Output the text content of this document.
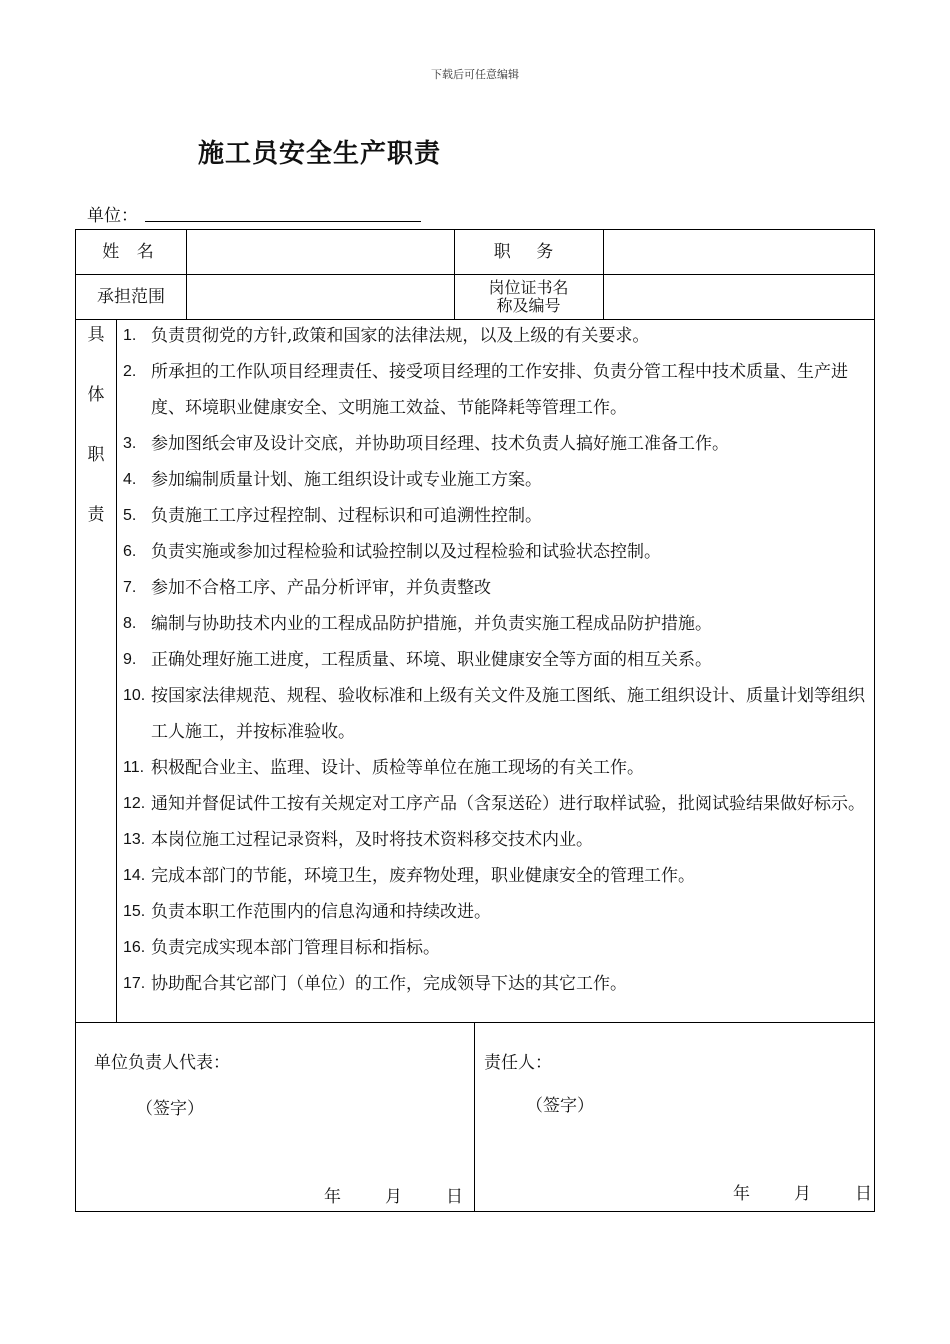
下载后可任意编辑
施工员安全生产职责
单位：
姓 名	职 务
承担范围	岗位证书名
称及编号
具
体
职
责
1. 负责贯彻党的方针,政策和国家的法律法规，以及上级的有关要求。
2. 所承担的工作队项目经理责任、接受项目经理的工作安排、负责分管工程中技术质量、生产进度、环境职业健康安全、文明施工效益、节能降耗等管理工作。
3. 参加图纸会审及设计交底，并协助项目经理、技术负责人搞好施工准备工作。
4. 参加编制质量计划、施工组织设计或专业施工方案。
5. 负责施工工序过程控制、过程标识和可追溯性控制。
6. 负责实施或参加过程检验和试验控制以及过程检验和试验状态控制。
7. 参加不合格工序、产品分析评审，并负责整改
8. 编制与协助技术内业的工程成品防护措施，并负责实施工程成品防护措施。
9. 正确处理好施工进度，工程质量、环境、职业健康安全等方面的相互关系。
10. 按国家法律规范、规程、验收标准和上级有关文件及施工图纸、施工组织设计、质量计划等组织工人施工，并按标准验收。
11. 积极配合业主、监理、设计、质检等单位在施工现场的有关工作。
12. 通知并督促试件工按有关规定对工序产品（含泵送砼）进行取样试验，批阅试验结果做好标示。
13. 本岗位施工过程记录资料，及时将技术资料移交技术内业。
14. 完成本部门的节能，环境卫生，废弃物处理，职业健康安全的管理工作。
15. 负责本职工作范围内的信息沟通和持续改进。
16. 负责完成实现本部门管理目标和指标。
17. 协助配合其它部门（单位）的工作，完成领导下达的其它工作。
单位负责人代表：
（签字）
年	月	日
责任人：
（签字）
年	月	日
